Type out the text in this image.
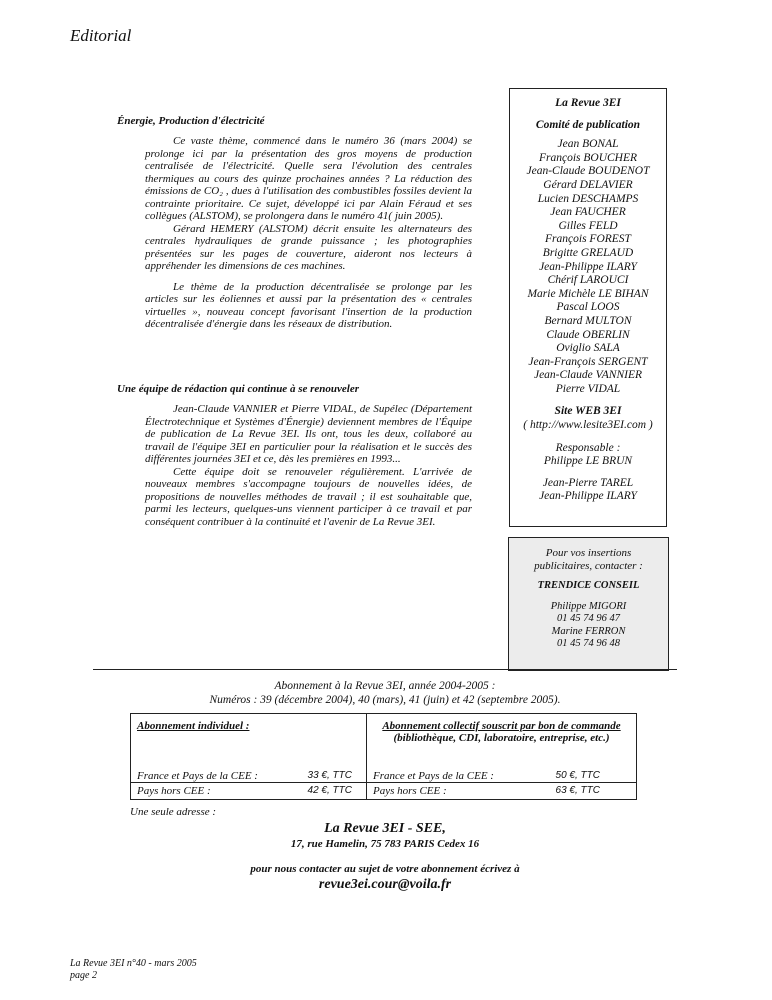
Editorial
Énergie, Production d'électricité

Ce vaste thème, commencé dans le numéro 36 (mars 2004) se prolonge ici par la présentation des gros moyens de production centralisée de l'électricité. Quelle sera l'évolution des centrales thermiques au cours des quinze prochaines années ? La réduction des émissions de CO₂ , dues à l'utilisation des combustibles fossiles devient la contrainte prioritaire. Ce sujet, développé ici par Alain Féraud et ses collègues (ALSTOM), se prolongera dans le numéro 41( juin 2005).

Gérard HEMERY (ALSTOM) décrit ensuite les alternateurs des centrales hydrauliques de grande puissance ; les photographies présentées sur les pages de couverture, aideront nos lecteurs à appréhender les dimensions de ces machines.

Le thème de la production décentralisée se prolonge par les articles sur les éoliennes et aussi par la présentation des « centrales virtuelles », nouveau concept favorisant l'insertion de la production décentralisée d'énergie dans les réseaux de distribution.

Une équipe de rédaction qui continue à se renouveler

Jean-Claude VANNIER et Pierre VIDAL, de Supélec (Département Électrotechnique et Systèmes d'Énergie) deviennent membres de l'Équipe de publication de La Revue 3EI. Ils ont, tous les deux, collaboré au travail de l'équipe 3EI en particulier pour la réalisation et le succès des différentes journées 3EI et ce, dès les premières en 1993...

Cette équipe doit se renouveler régulièrement. L'arrivée de nouveaux membres s'accompagne toujours de nouvelles idées, de propositions de nouvelles méthodes de travail ; il est souhaitable que, parmi les lecteurs, quelques-uns viennent participer à ce travail et par conséquent contribuer à la continuité et l'avenir de La Revue 3EI.

La Revue 3EI
Comité de publication
Jean BONAL
François BOUCHER
Jean-Claude BOUDENOT
Gérard DELAVIER
Lucien DESCHAMPS
Jean FAUCHER
Gilles FELD
François FOREST
Brigitte GRELAUD
Jean-Philippe ILARY
Chérif LAROUCI
Marie Michèle LE BIHAN
Pascal LOOS
Bernard MULTON
Claude OBERLIN
Oviglio SALA
Jean-François SERGENT
Jean-Claude VANNIER
Pierre VIDAL
Site WEB 3EI
( http://www.lesite3EI.com )
Responsable :
Philippe LE BRUN
Jean-Pierre TAREL
Jean-Philippe ILARY
Pour vos insertions
publicitaires, contacter :
TRENDICE CONSEIL
Philippe MIGORI
01 45 74 96 47
Marine FERRON
01 45 74 96 48
Abonnement à la Revue 3EI, année 2004-2005 :
Numéros : 39 (décembre 2004), 40 (mars), 41 (juin) et 42 (septembre 2005).
Abonnement individuel :	Abonnement collectif souscrit par bon de commande
(bibliothèque, CDI, laboratoire, entreprise, etc.)

France et Pays de la CEE : 33 €, TTC	France et Pays de la CEE : 50 €, TTC

Pays hors CEE : 42 €, TTC	Pays hors CEE : 63 €, TTC
Une seule adresse :
La Revue 3EI - SEE,
17, rue Hamelin, 75 783 PARIS Cedex 16
pour nous contacter au sujet de votre abonnement écrivez à
revue3ei.cour@voila.fr
La Revue 3EI n°40 - mars 2005
page 2
